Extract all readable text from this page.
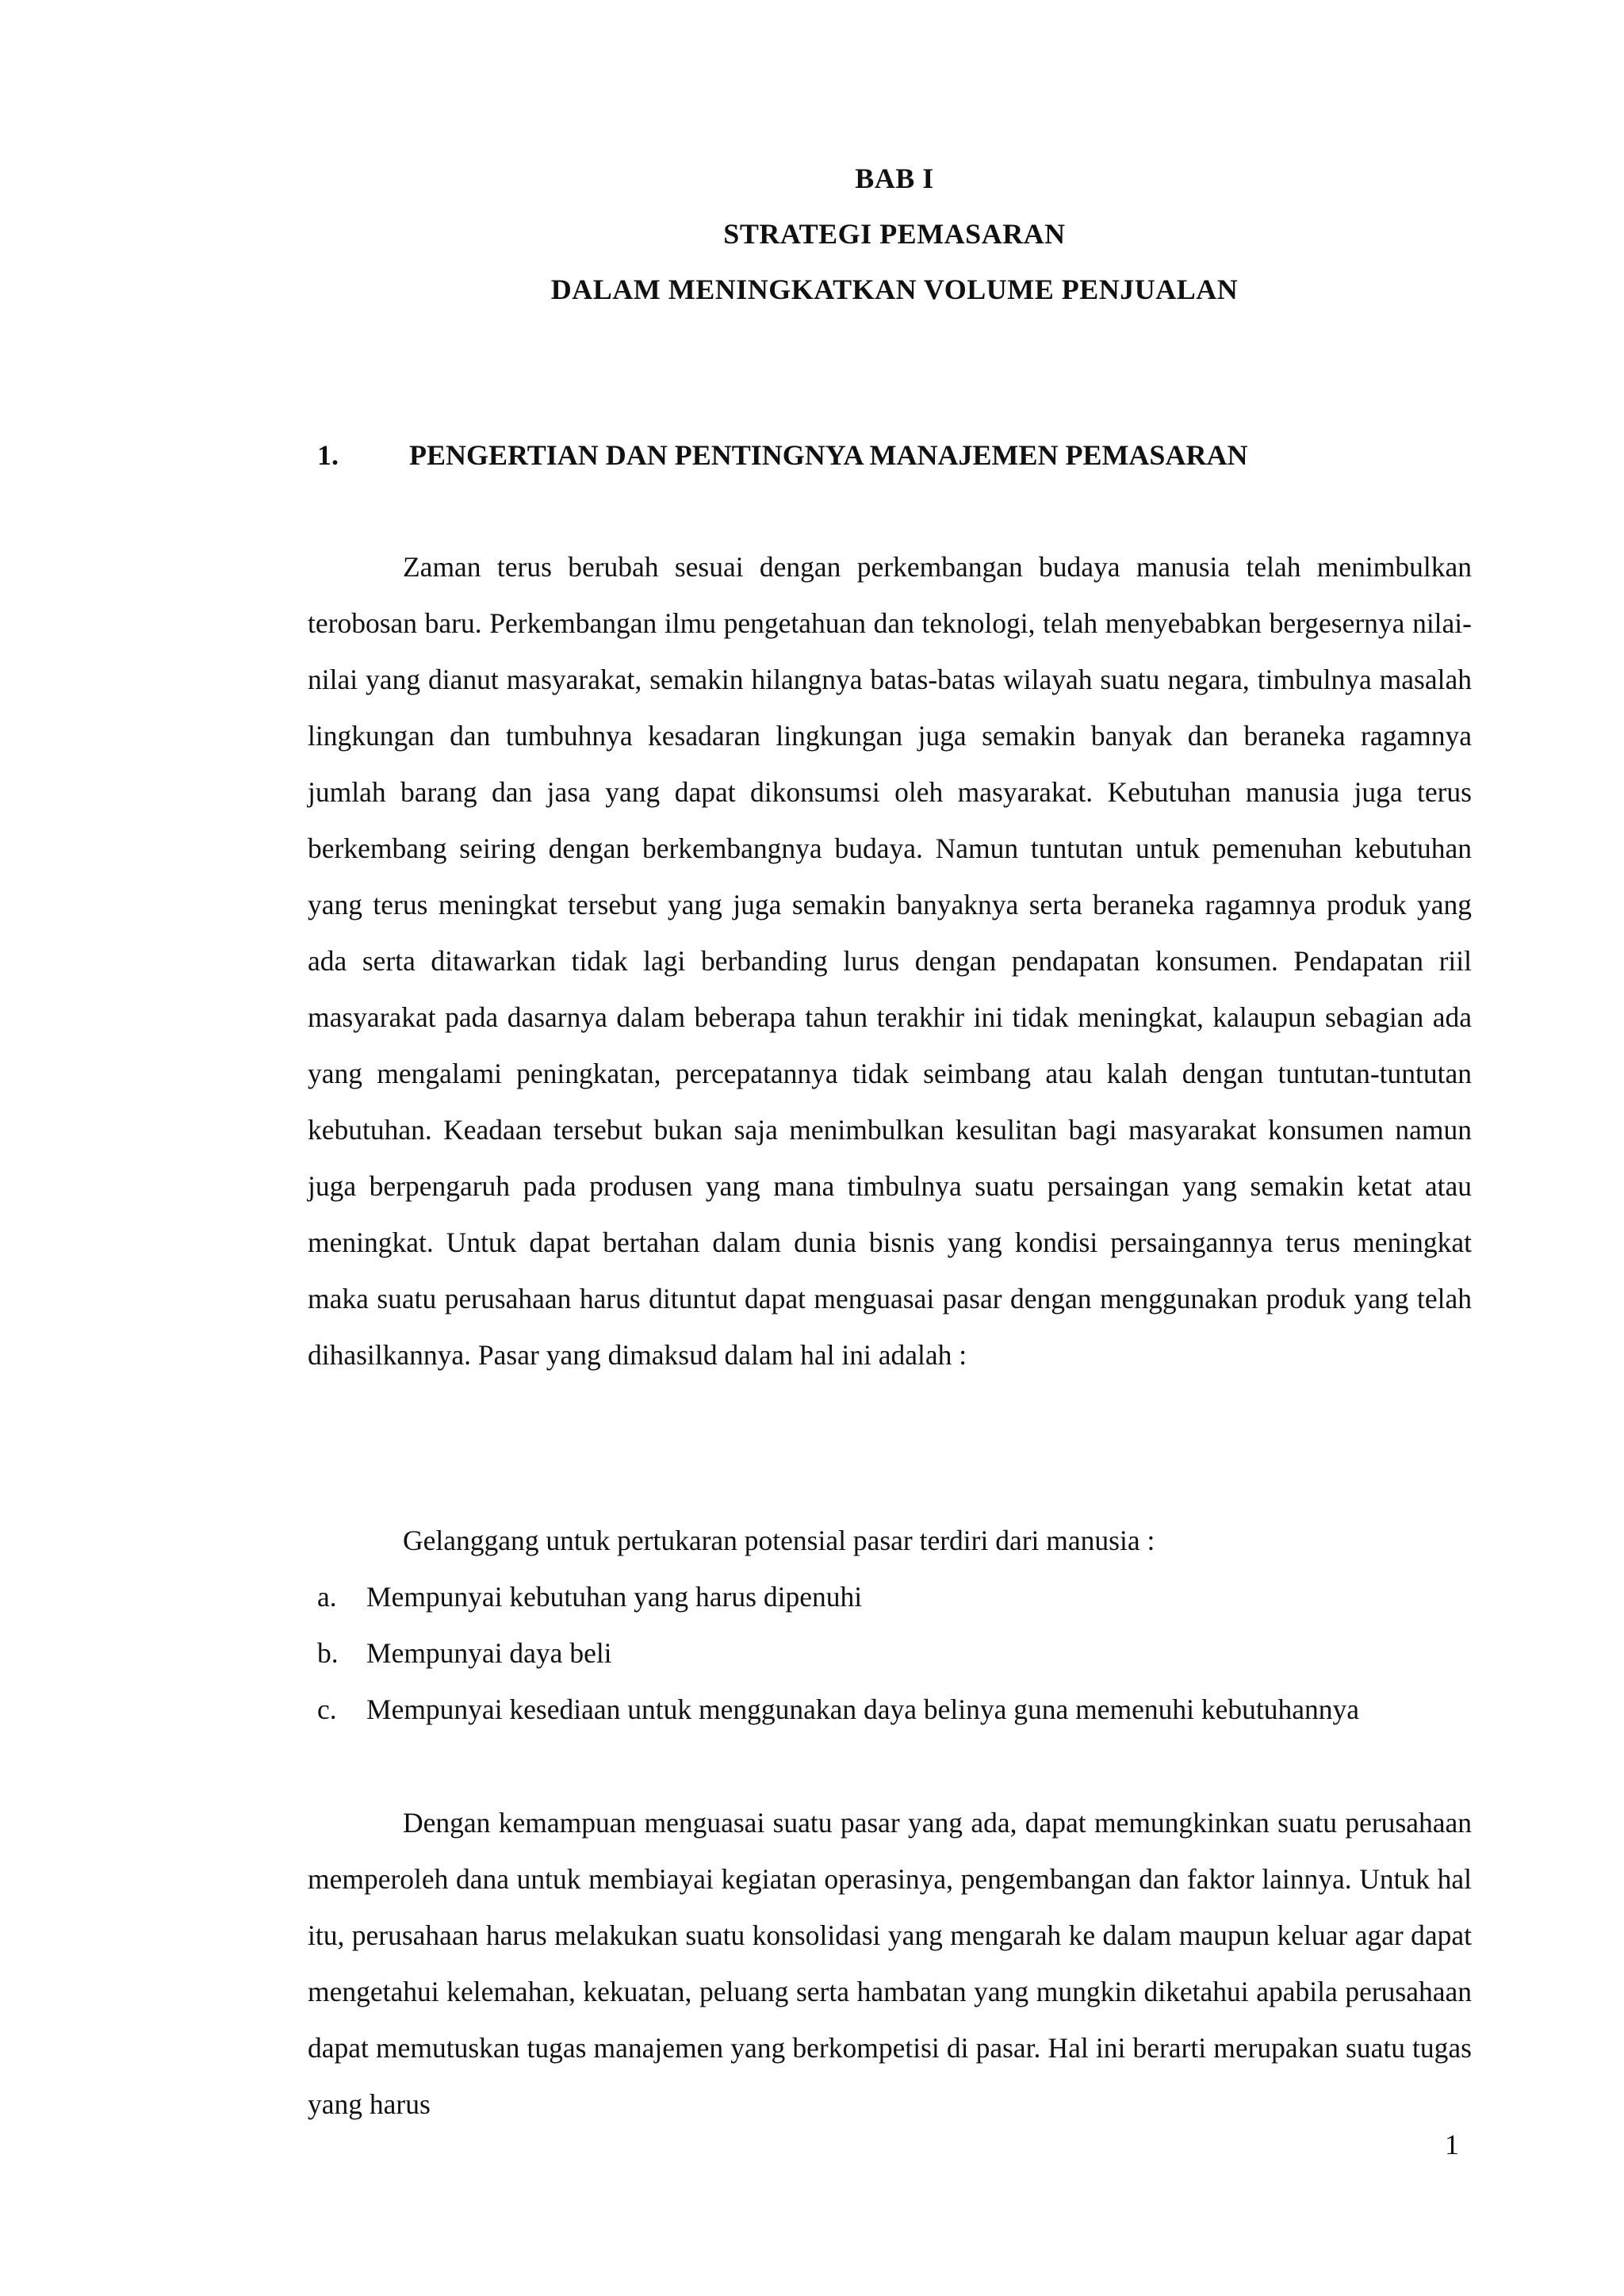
BAB I
STRATEGI PEMASARAN
DALAM MENINGKATKAN VOLUME PENJUALAN
1. PENGERTIAN DAN PENTINGNYA MANAJEMEN PEMASARAN

Zaman terus berubah sesuai dengan perkembangan budaya manusia telah menimbulkan terobosan baru. Perkembangan ilmu pengetahuan dan teknologi, telah menyebabkan bergesernya nilai-nilai yang dianut masyarakat, semakin hilangnya batas-batas wilayah suatu negara, timbulnya masalah lingkungan dan tumbuhnya kesadaran lingkungan juga semakin banyak dan beraneka ragamnya jumlah barang dan jasa yang dapat dikonsumsi oleh masyarakat. Kebutuhan manusia juga terus berkembang seiring dengan berkembangnya budaya. Namun tuntutan untuk pemenuhan kebutuhan yang terus meningkat tersebut yang juga semakin banyaknya serta beraneka ragamnya produk yang ada serta ditawarkan tidak lagi berbanding lurus dengan pendapatan konsumen. Pendapatan riil masyarakat pada dasarnya dalam beberapa tahun terakhir ini tidak meningkat, kalaupun sebagian ada yang mengalami peningkatan, percepatannya tidak seimbang atau kalah dengan tuntutan-tuntutan kebutuhan. Keadaan tersebut bukan saja menimbulkan kesulitan bagi masyarakat konsumen namun juga berpengaruh pada produsen yang mana timbulnya suatu persaingan yang semakin ketat atau meningkat. Untuk dapat bertahan dalam dunia bisnis yang kondisi persaingannya terus meningkat maka suatu perusahaan harus dituntut dapat menguasai pasar dengan menggunakan produk yang telah dihasilkannya. Pasar yang dimaksud dalam hal ini adalah :

Gelanggang untuk pertukaran potensial pasar terdiri dari manusia :
a. Mempunyai kebutuhan yang harus dipenuhi
b. Mempunyai daya beli
c. Mempunyai kesediaan untuk menggunakan daya belinya guna memenuhi kebutuhannya

Dengan kemampuan menguasai suatu pasar yang ada, dapat memungkinkan suatu perusahaan memperoleh dana untuk membiayai kegiatan operasinya, pengembangan dan faktor lainnya. Untuk hal itu, perusahaan harus melakukan suatu konsolidasi yang mengarah ke dalam maupun keluar agar dapat mengetahui kelemahan, kekuatan, peluang serta hambatan yang mungkin diketahui apabila perusahaan dapat memutuskan tugas manajemen yang berkompetisi di pasar. Hal ini berarti merupakan suatu tugas yang harus

1
